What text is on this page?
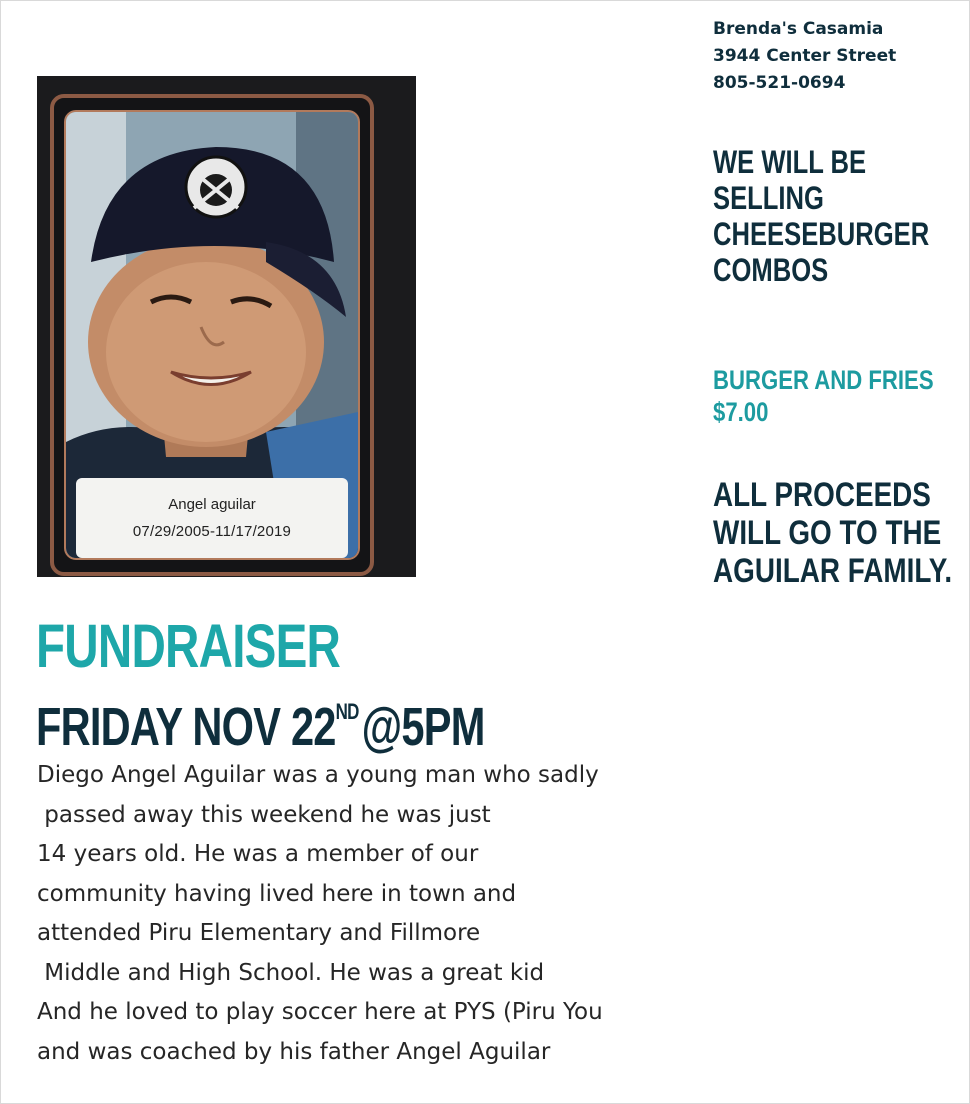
Angel aguilar
07/29/2005-11/17/2019
Brenda's Casamia
3944 Center Street
805-521-0694
WE WILL BE
SELLING
CHEESEBURGER
COMBOS
BURGER AND FRIES
$7.00
ALL PROCEEDS
WILL GO TO THE
AGUILAR FAMILY.
FUNDRAISER
FRIDAY NOV 22ND@5PM
Diego Angel Aguilar was a young man who sadly
passed away this weekend he was just
14 years old. He was a member of our
community having lived here in town and
attended Piru Elementary and Fillmore
Middle and High School. He was a great kid
And he loved to play soccer here at PYS (Piru You
and was coached by his father Angel Aguilar
